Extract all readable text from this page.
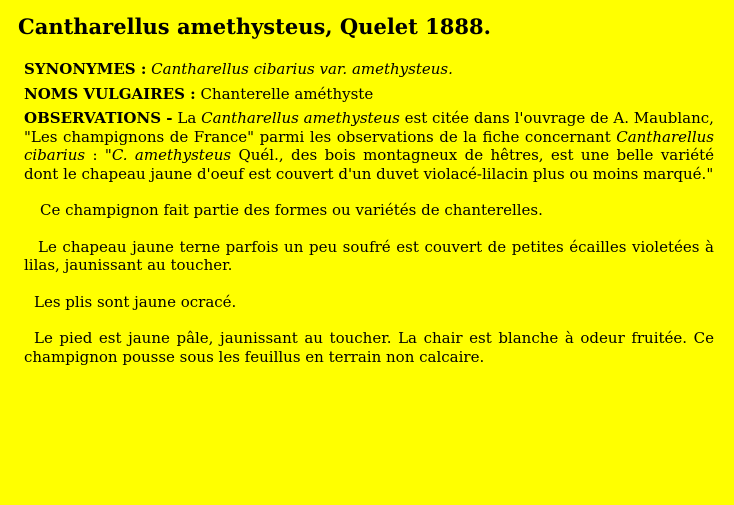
Cantharellus amethysteus, Quelet 1888.

SYNONYMES : Cantharellus cibarius var. amethysteus.

NOMS VULGAIRES : Chanterelle améthyste

OBSERVATIONS - La Cantharellus amethysteus est citée dans l'ouvrage de A. Maublanc, "Les champignons de France" parmi les observations de la fiche concernant Cantharellus cibarius : "C. amethysteus Quél., des bois montagneux de hêtres, est une belle variété dont le chapeau jaune d'oeuf est couvert d'un duvet violacé-lilacin plus ou moins marqué."

Ce champignon fait partie des formes ou variétés de chanterelles.

Le chapeau jaune terne parfois un peu soufré est couvert de petites écailles violetées à lilas, jaunissant au toucher.

Les plis sont jaune ocracé.

Le pied est jaune pâle, jaunissant au toucher. La chair est blanche à odeur fruitée. Ce champignon pousse sous les feuillus en terrain non calcaire.
